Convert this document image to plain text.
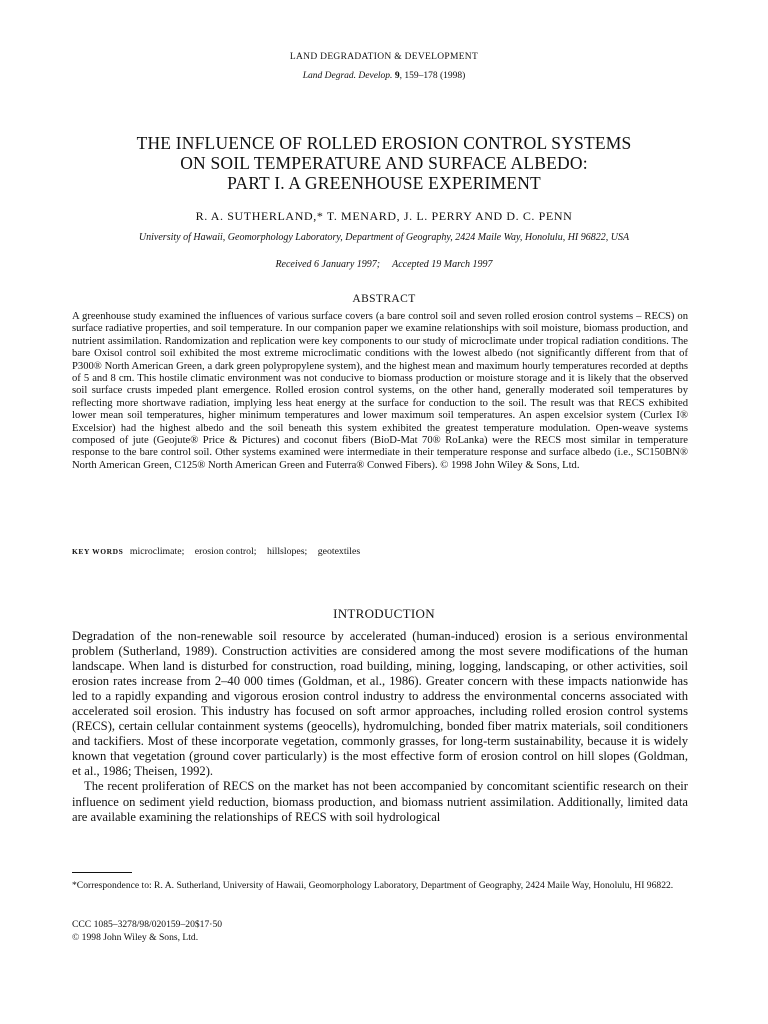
LAND DEGRADATION & DEVELOPMENT
Land Degrad. Develop. 9, 159–178 (1998)
THE INFLUENCE OF ROLLED EROSION CONTROL SYSTEMS
ON SOIL TEMPERATURE AND SURFACE ALBEDO:
PART I. A GREENHOUSE EXPERIMENT
R. A. SUTHERLAND,* T. MENARD, J. L. PERRY AND D. C. PENN
University of Hawaii, Geomorphology Laboratory, Department of Geography, 2424 Maile Way, Honolulu, HI 96822, USA
Received 6 January 1997; Accepted 19 March 1997
ABSTRACT
A greenhouse study examined the influences of various surface covers (a bare control soil and seven rolled erosion control systems – RECS) on surface radiative properties, and soil temperature. In our companion paper we examine relationships with soil moisture, biomass production, and nutrient assimilation. Randomization and replication were key components to our study of microclimate under tropical radiation conditions. The bare Oxisol control soil exhibited the most extreme microclimatic conditions with the lowest albedo (not significantly different from that of P300® North American Green, a dark green polypropylene system), and the highest mean and maximum hourly temperatures recorded at depths of 5 and 8 cm. This hostile climatic environment was not conducive to biomass production or moisture storage and it is likely that the observed soil surface crusts impeded plant emergence. Rolled erosion control systems, on the other hand, generally moderated soil temperatures by reflecting more shortwave radiation, implying less heat energy at the surface for conduction to the soil. The result was that RECS exhibited lower mean soil temperatures, higher minimum temperatures and lower maximum soil temperatures. An aspen excelsior system (Curlex I® Excelsior) had the highest albedo and the soil beneath this system exhibited the greatest temperature modulation. Open-weave systems composed of jute (Geojute® Price & Pictures) and coconut fibers (BioD-Mat 70® RoLanka) were the RECS most similar in temperature response to the bare control soil. Other systems examined were intermediate in their temperature response and surface albedo (i.e., SC150BN® North American Green, C125® North American Green and Futerra® Conwed Fibers). © 1998 John Wiley & Sons, Ltd.
KEY WORDS microclimate; erosion control; hillslopes; geotextiles
INTRODUCTION

Degradation of the non-renewable soil resource by accelerated (human-induced) erosion is a serious environmental problem (Sutherland, 1989). Construction activities are considered among the most severe modifications of the human landscape. When land is disturbed for construction, road building, mining, logging, landscaping, or other activities, soil erosion rates increase from 2–40 000 times (Goldman, et al., 1986). Greater concern with these impacts nationwide has led to a rapidly expanding and vigorous erosion control industry to address the environmental concerns associated with accelerated soil erosion. This industry has focused on soft armor approaches, including rolled erosion control systems (RECS), certain cellular containment systems (geocells), hydromulching, bonded fiber matrix materials, soil conditioners and tackifiers. Most of these incorporate vegetation, commonly grasses, for long-term sustainability, because it is widely known that vegetation (ground cover particularly) is the most effective form of erosion control on hill slopes (Goldman, et al., 1986; Theisen, 1992).

The recent proliferation of RECS on the market has not been accompanied by concomitant scientific research on their influence on sediment yield reduction, biomass production, and biomass nutrient assimilation. Additionally, limited data are available examining the relationships of RECS with soil hydrological

*Correspondence to: R. A. Sutherland, University of Hawaii, Geomorphology Laboratory, Department of Geography, 2424 Maile Way, Honolulu, HI 96822.
CCC 1085–3278/98/020159–20$17·50
© 1998 John Wiley & Sons, Ltd.
